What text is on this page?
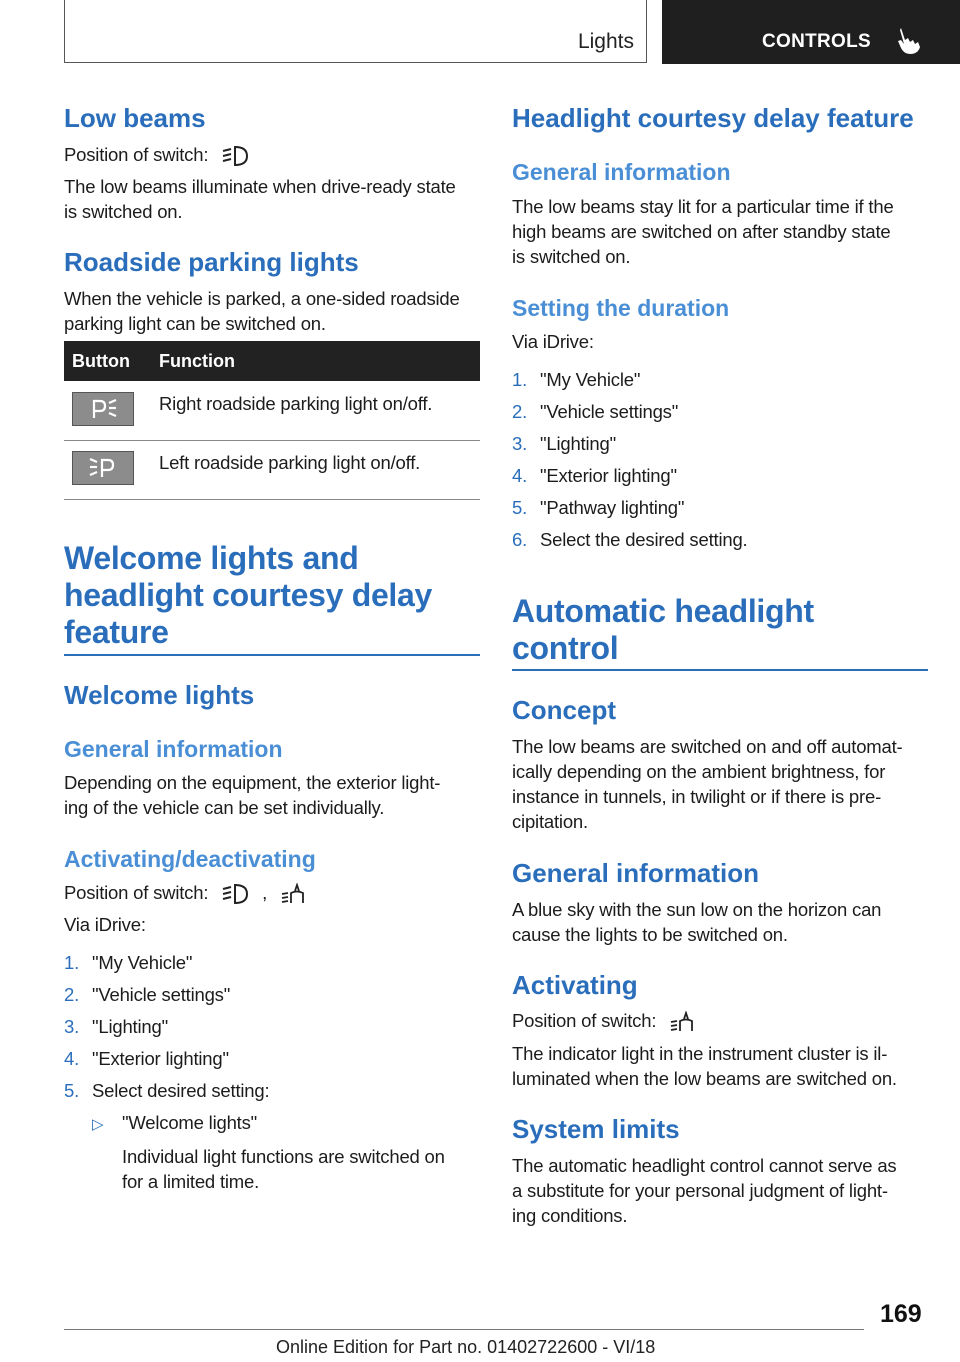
Lights	CONTROLS
Low beams
Position of switch:

The low beams illuminate when drive-ready state

is switched on.

Roadside parking lights

When the vehicle is parked, a one-sided roadside

parking light can be switched on.

Button Function

Right roadside parking light on/off.

Left roadside parking light on/off.

Welcome lights and
headlight courtesy delay
feature
Welcome lights
General information

Depending on the equipment, the exterior light-

ing of the vehicle can be set individually.

Activating/deactivating
Position of switch:	,

Via iDrive:

1. "My Vehicle"
2. "Vehicle settings"
3. "Lighting"
4. "Exterior lighting"
5. Select desired setting:
▷ "Welcome lights"

Individual light functions are switched on

for a limited time.

Headlight courtesy delay feature
General information

The low beams stay lit for a particular time if the

high beams are switched on after standby state

is switched on.

Setting the duration

Via iDrive:

1. "My Vehicle"
2. "Vehicle settings"
3. "Lighting"
4. "Exterior lighting"
5. "Pathway lighting"
6. Select the desired setting.
Automatic headlight
control
Concept

The low beams are switched on and off automat-

ically depending on the ambient brightness, for

instance in tunnels, in twilight or if there is pre-

cipitation.

General information

A blue sky with the sun low on the horizon can

cause the lights to be switched on.

Activating
Position of switch:

The indicator light in the instrument cluster is il-

luminated when the low beams are switched on.

System limits

The automatic headlight control cannot serve as

a substitute for your personal judgment of light-

ing conditions.

169
Online Edition for Part no. 01402722600 - VI/18
